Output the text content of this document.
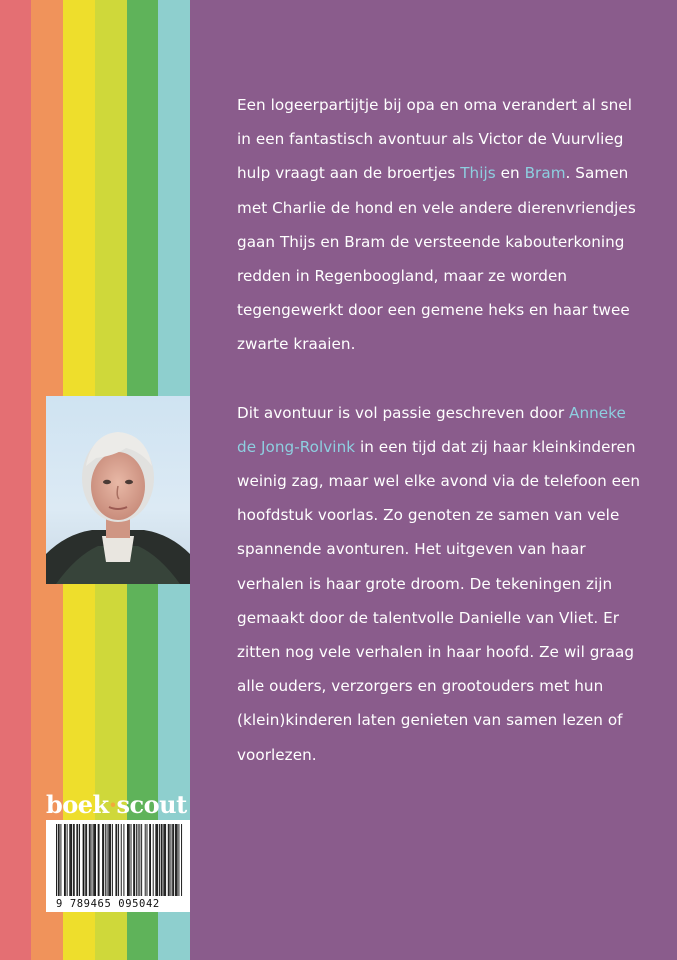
Een logeerpartijtje bij opa en oma verandert al snel in een fantastisch avontuur als Victor de Vuurvlieg hulp vraagt aan de broertjes Thijs en Bram. Samen met Charlie de hond en vele andere dierenvriendjes gaan Thijs en Bram de versteende kabouterkoning redden in Regenboogland, maar ze worden tegengewerkt door een gemene heks en haar twee zwarte kraaien.

Dit avontuur is vol passie geschreven door Anneke de Jong-Rolvink in een tijd dat zij haar kleinkinderen weinig zag, maar wel elke avond via de telefoon een hoofdstuk voorlas. Zo genoten ze samen van vele spannende avonturen. Het uitgeven van haar verhalen is haar grote droom. De tekeningen zijn gemaakt door de talentvolle Danielle van Vliet. Er zitten nog vele verhalen in haar hoofd. Ze wil graag alle ouders, verzorgers en grootouders met hun (klein)kinderen laten genieten van samen lezen of voorlezen.

boek·scout
9 789465 095042
